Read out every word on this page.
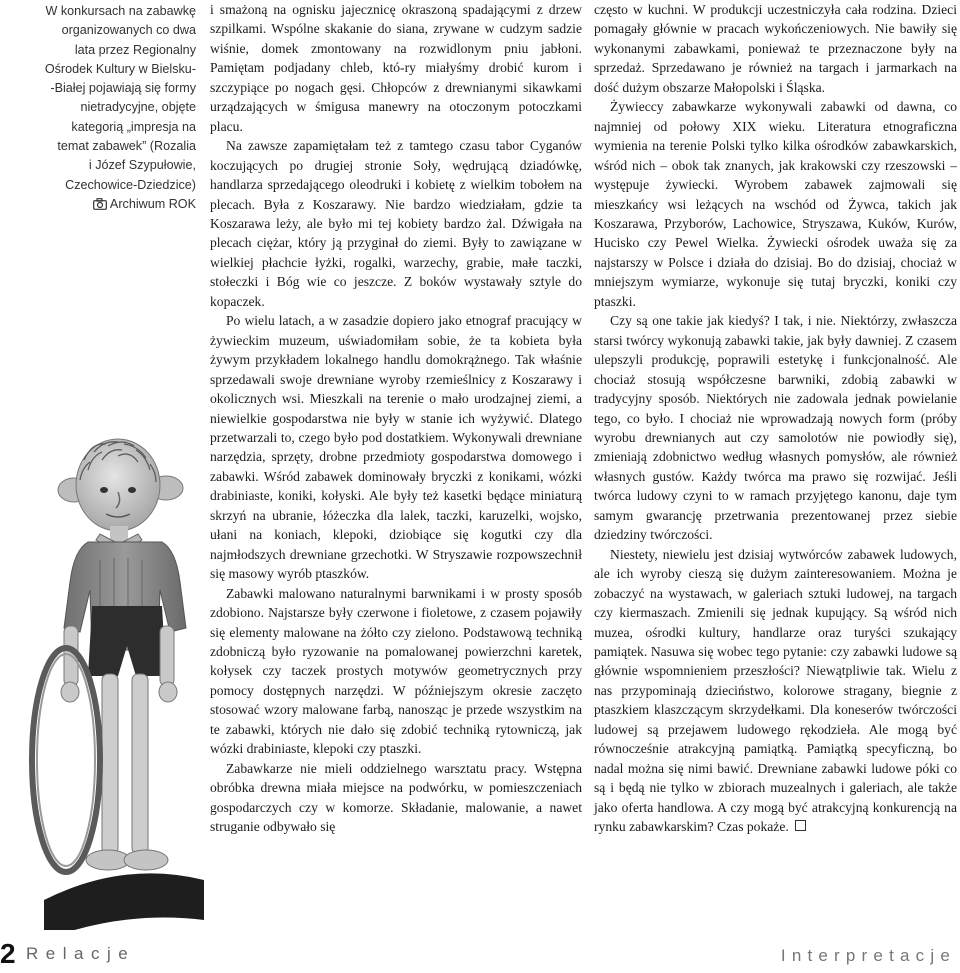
W konkursach na zabawkę
organizowanych co dwa
lata przez Regionalny
Ośrodek Kultury w Bielsku-
-Białej pojawiają się formy
nietradycyjne, objęte
kategorią „impresja na
temat zabawek” (Rozalia
i Józef Szypułowie,
Czechowice-Dziedzice)
Archiwum ROK

i smażoną na ognisku jajecznicę okraszoną spadającymi z drzew szpilkami. Wspólne skakanie do siana, zrywane w cudzym sadzie wiśnie, domek zmontowany na rozwidlonym pniu jabłoni. Pamiętam podjadany chleb, któ-ry miałyśmy drobić kurom i szczypiące po nogach gęsi. Chłopców z drewnianymi sikawkami urządzających w śmigusa manewry na otoczonym potoczkami placu.

Na zawsze zapamiętałam też z tamtego czasu tabor Cyganów koczujących po drugiej stronie Soły, wędrującą dziadówkę, handlarza sprzedającego oleodruki i kobietę z wielkim tobołem na plecach. Była z Koszarawy. Nie bardzo wiedziałam, gdzie ta Koszarawa leży, ale było mi tej kobiety bardzo żal. Dźwigała na plecach ciężar, który ją przyginał do ziemi. Były to zawiązane w wielkiej płachcie łyżki, rogalki, warzechy, grabie, małe taczki, stołeczki i Bóg wie co jeszcze. Z boków wystawały sztyle do kopaczek.

Po wielu latach, a w zasadzie dopiero jako etnograf pracujący w żywieckim muzeum, uświadomiłam sobie, że ta kobieta była żywym przykładem lokalnego handlu domokrążnego. Tak właśnie sprzedawali swoje drewniane wyroby rzemieślnicy z Koszarawy i okolicznych wsi. Mieszkali na terenie o mało urodzajnej ziemi, a niewielkie gospodarstwa nie były w stanie ich wyżywić. Dlatego przetwarzali to, czego było pod dostatkiem. Wykonywali drewniane narzędzia, sprzęty, drobne przedmioty gospodarstwa domowego i zabawki. Wśród zabawek dominowały bryczki z konikami, wózki drabiniaste, koniki, kołyski. Ale były też kasetki będące miniaturą skrzyń na ubranie, łóżeczka dla lalek, taczki, karuzelki, wojsko, ułani na koniach, klepoki, dziobiące się kogutki czy dla najmłodszych drewniane grzechotki. W Stryszawie rozpowszechnił się masowy wyrób ptaszków.

Zabawki malowano naturalnymi barwnikami i w prosty sposób zdobiono. Najstarsze były czerwone i fioletowe, z czasem pojawiły się elementy malowane na żółto czy zielono. Podstawową techniką zdobniczą było ryzowanie na pomalowanej powierzchni karetek, kołysek czy taczek prostych motywów geometrycznych przy pomocy dostępnych narzędzi. W późniejszym okresie zaczęto stosować wzory malowane farbą, nanosząc je przede wszystkim na te zabawki, których nie dało się zdobić techniką rytowniczą, jak wózki drabiniaste, klepoki czy ptaszki.

Zabawkarze nie mieli oddzielnego warsztatu pracy. Wstępna obróbka drewna miała miejsce na podwórku, w pomieszczeniach gospodarczych czy w komorze. Składanie, malowanie, a nawet struganie odbywało się

często w kuchni. W produkcji uczestniczyła cała rodzina. Dzieci pomagały głównie w pracach wykończeniowych. Nie bawiły się wykonanymi zabawkami, ponieważ te przeznaczone były na sprzedaż. Sprzedawano je również na targach i jarmarkach na dość dużym obszarze Małopolski i Śląska.

Żywieccy zabawkarze wykonywali zabawki od dawna, co najmniej od połowy XIX wieku. Literatura etnograficzna wymienia na terenie Polski tylko kilka ośrodków zabawkarskich, wśród nich – obok tak znanych, jak krakowski czy rzeszowski – występuje żywiecki. Wyrobem zabawek zajmowali się mieszkańcy wsi leżących na wschód od Żywca, takich jak Koszarawa, Przyborów, Lachowice, Stryszawa, Kuków, Kurów, Hucisko czy Pewel Wielka. Żywiecki ośrodek uważa się za najstarszy w Polsce i działa do dzisiaj. Bo do dzisiaj, chociaż w mniejszym wymiarze, wykonuje się tutaj bryczki, koniki czy ptaszki.

Czy są one takie jak kiedyś? I tak, i nie. Niektórzy, zwłaszcza starsi twórcy wykonują zabawki takie, jak były dawniej. Z czasem ulepszyli produkcję, poprawili estetykę i funkcjonalność. Ale chociaż stosują współczesne barwniki, zdobią zabawki w tradycyjny sposób. Niektórych nie zadowala jednak powielanie tego, co było. I chociaż nie wprowadzają nowych form (próby wyrobu drewnianych aut czy samolotów nie powiodły się), zmieniają zdobnictwo według własnych pomysłów, ale również własnych gustów. Każdy twórca ma prawo się rozwijać. Jeśli twórca ludowy czyni to w ramach przyjętego kanonu, daje tym samym gwarancję przetrwania prezentowanej przez siebie dziedziny twórczości.

Niestety, niewielu jest dzisiaj wytwórców zabawek ludowych, ale ich wyroby cieszą się dużym zainteresowaniem. Można je zobaczyć na wystawach, w galeriach sztuki ludowej, na targach czy kiermaszach. Zmienili się jednak kupujący. Są wśród nich muzea, ośrodki kultury, handlarze oraz turyści szukający pamiątek. Nasuwa się wobec tego pytanie: czy zabawki ludowe są głównie wspomnieniem przeszłości? Niewątpliwie tak. Wielu z nas przypominają dzieciństwo, kolorowe stragany, biegnie z ptaszkiem klaszczącym skrzydełkami. Dla koneserów twórczości ludowej są przejawem ludowego rękodzieła. Ale mogą być równocześnie atrakcyjną pamiątką. Pamiątką specyficzną, bo nadal można się nimi bawić. Drewniane zabawki ludowe póki co są i będą nie tylko w zbiorach muzealnych i galeriach, ale także jako oferta handlowa. A czy mogą być atrakcyjną konkurencją na rynku zabawkarskim? Czas pokaże.

2 Relacje	Interpretacje
